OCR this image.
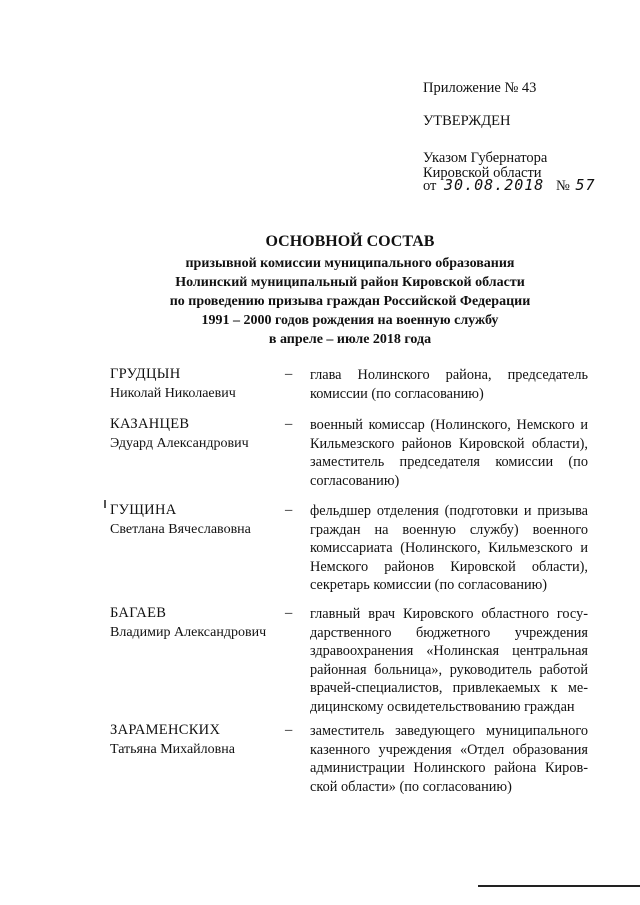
Приложение № 43
УТВЕРЖДЕН
Указом Губернатора
Кировской области
от 30.08.2018 № 57
ОСНОВНОЙ СОСТАВ
призывной комиссии муниципального образования
Нолинский муниципальный район Кировской области
по проведению призыва граждан Российской Федерации
1991 – 2000 годов рождения на военную службу
в апреле – июле 2018 года
ГРУДЦЫН
Николай Николаевич
– глава Нолинского района, председатель комиссии (по согласованию)
КАЗАНЦЕВ
Эдуард Александрович
– военный комиссар (Нолинского, Немского и Кильмезского районов Кировской области), заместитель председателя комиссии (по согласованию)
ГУЩИНА
Светлана Вячеславовна
– фельдшер отделения (подготовки и призыва граждан на военную службу) военного комиссариата (Нолинского, Кильмезского и Немского районов Кировской области), секретарь комиссии (по согласованию)
БАГАЕВ
Владимир Александрович
– главный врач Кировского областного государственного бюджетного учреждения здравоохранения «Нолинская центральная районная больница», руководитель работой врачей-специалистов, привлекаемых к медицинскому освидетельствованию граждан
ЗАРАМЕНСКИХ
Татьяна Михайловна
– заместитель заведующего муниципального казенного учреждения «Отдел образования администрации Нолинского района Кировской области» (по согласованию)
